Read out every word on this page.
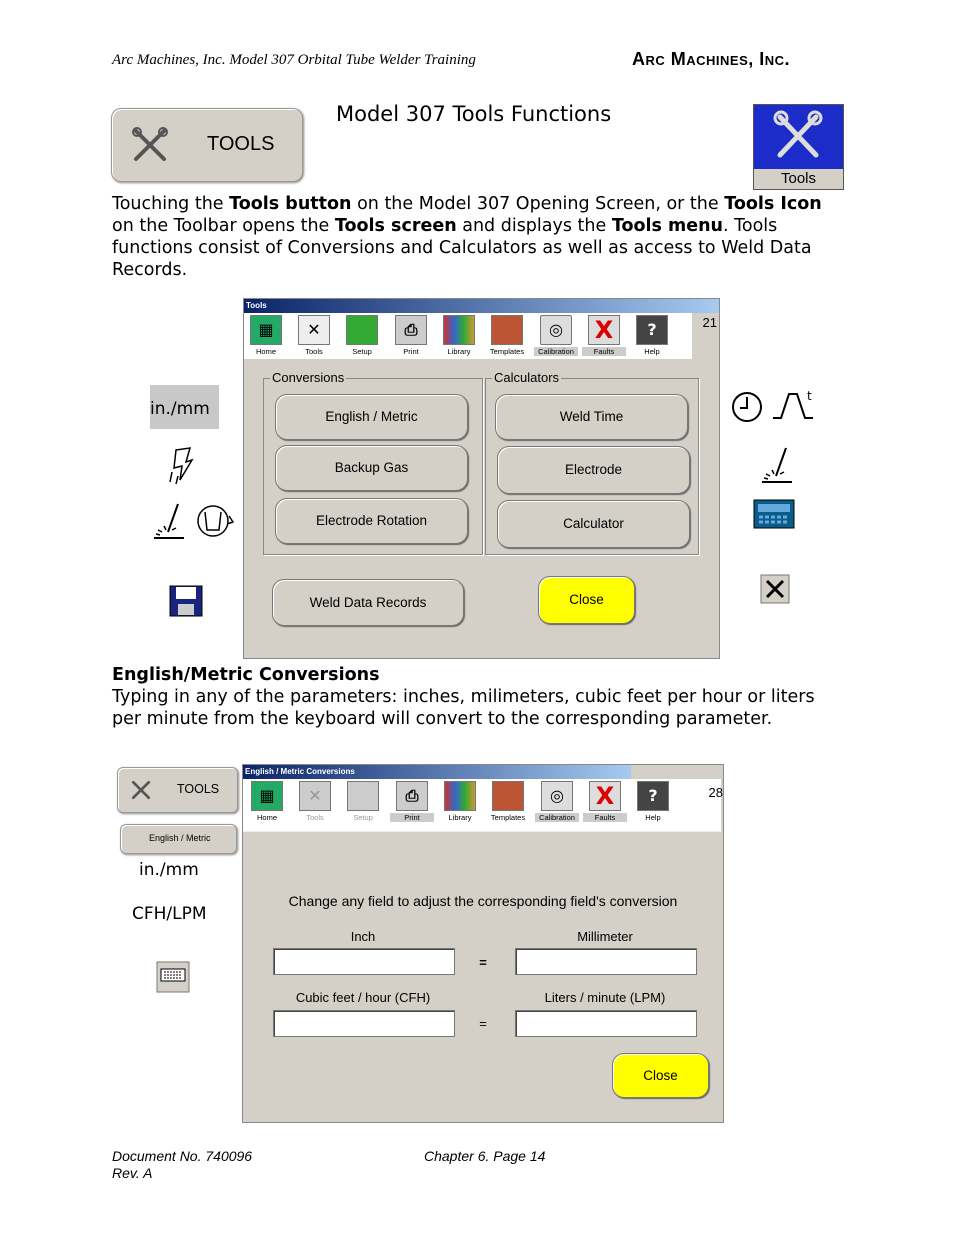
Arc Machines, Inc. Model 307 Orbital Tube Welder Training	Arc Machines, Inc.
TOOLS
Model 307 Tools Functions
Tools
Touching the Tools button on the Model 307 Opening Screen, or the Tools Icon on the Toolbar opens the Tools screen and displays the Tools menu. Tools functions consist of Conversions and Calculators as well as access to Weld Data Records.
Tools
▦
Home
✕
Tools	Setup
⎙
Print	Library	Templates
◎
Calibration
X
Faults
?
Help
21
Conversions	Calculators
English / Metric
Backup Gas
Electrode Rotation
Weld Time
Electrode
Calculator
Weld Data Records	Close
in./mm
t
English/Metric Conversions
Typing in any of the parameters: inches, milimeters, cubic feet per hour or liters per minute from the keyboard will convert to the corresponding parameter.
TOOLS
English / Metric
in./mm
CFH/LPM
English / Metric Conversions
▦
Home
✕
Tools	Setup
⎙
Print	Library	Templates
◎
Calibration
X
Faults
?
Help
28
Change any field to adjust the corresponding field's conversion
Inch	Millimeter
=
Cubic feet / hour (CFH)	Liters / minute (LPM)
=
Close
Document No. 740096
Rev. A
Chapter 6. Page 14
